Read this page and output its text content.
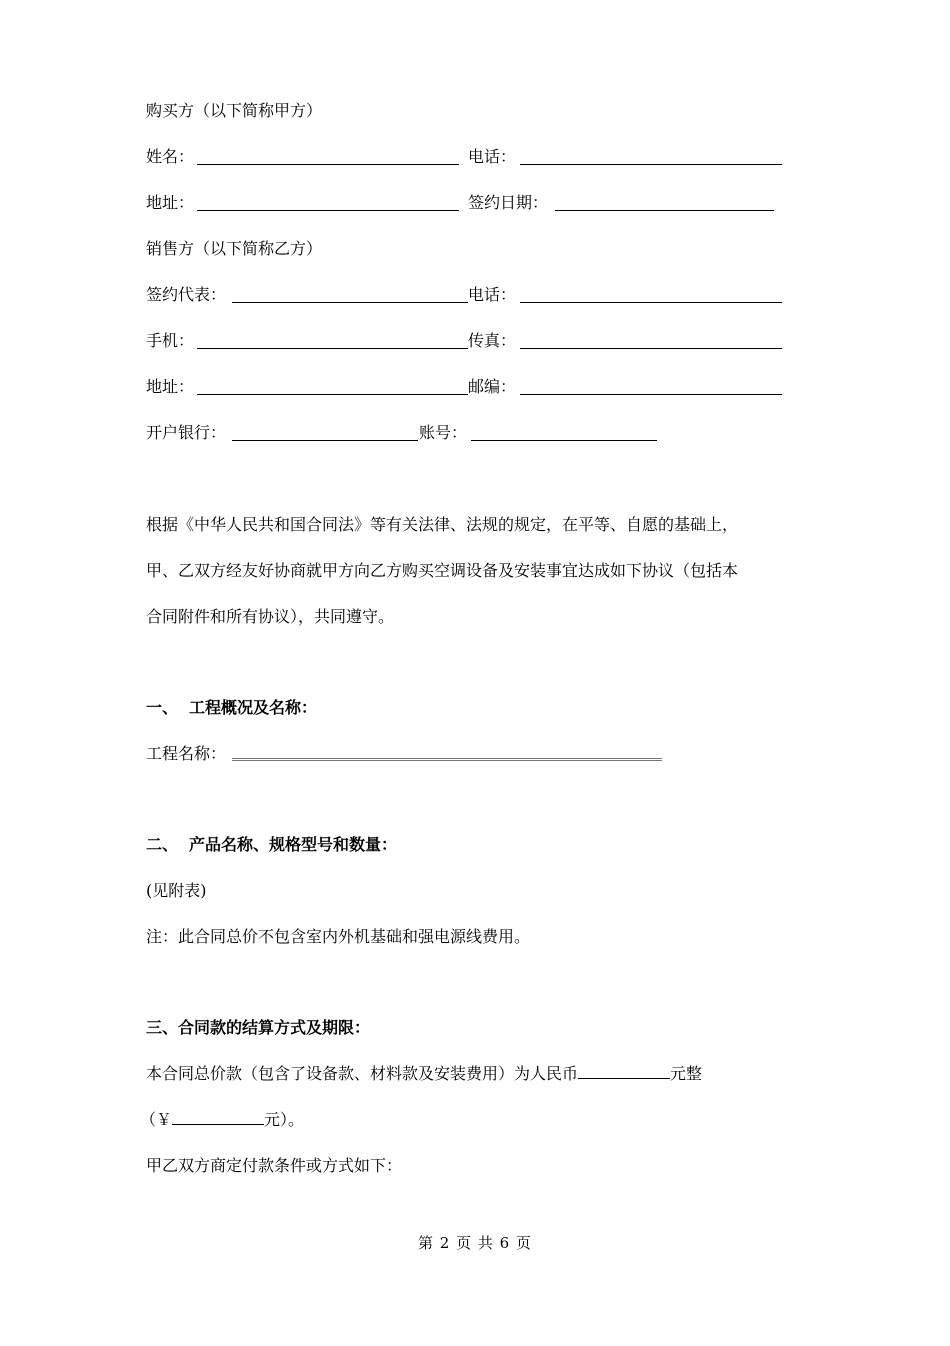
购买方（以下简称甲方）
姓名：	电话：
地址：	签约日期：
销售方（以下简称乙方）
签约代表：	电话：
手机：	传真：
地址：	邮编：
开户银行：	账号：
根据《中华人民共和国合同法》等有关法律、法规的规定，在平等、自愿的基础上，
甲、乙双方经友好协商就甲方向乙方购买空调设备及安装事宜达成如下协议（包括本
合同附件和所有协议），共同遵守。
一、 工程概况及名称：
工程名称：
二、 产品名称、规格型号和数量：
(见附表)
注：此合同总价不包含室内外机基础和强电源线费用。
三、合同款的结算方式及期限：
本合同总价款（包含了设备款、材料款及安装费用）为人民币	元整
（￥	元）。
甲乙双方商定付款条件或方式如下：
第 2 页 共 6 页
